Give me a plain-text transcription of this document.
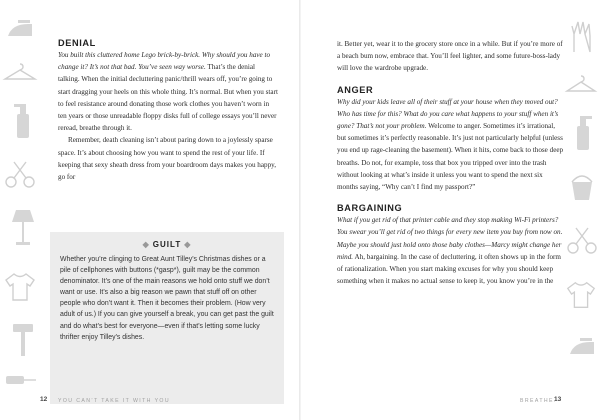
DENIAL

You built this cluttered home Lego brick-by-brick. Why should you have to change it? It’s not that bad. You’ve seen way worse. That’s the denial talking. When the initial decluttering panic/thrill wears off, you’re going to start dragging your heels on this whole thing. It’s normal. But when you start to feel resistance around donating those work clothes you haven’t worn in ten years or those unreadable floppy disks full of college essays you’ll never reread, breathe through it.

Remember, death cleaning isn’t about paring down to a joylessly sparse space. It’s about choosing how you want to spend the rest of your life. If keeping that sexy sheath dress from your boardroom days makes you happy, go for

◆ GUILT ◆
Whether you’re clinging to Great Aunt Tilley’s Christmas dishes or a pile of cellphones with buttons (*gasp*), guilt may be the common denominator. It’s one of the main reasons we hold onto stuff we don’t want or use. It’s also a big reason we pawn that stuff off on other people who don’t want it. Then it becomes their problem. (How very adult of us.) If you can give yourself a break, you can get past the guilt and do what’s best for everyone—even if that’s letting some lucky thrifter enjoy Tilley’s dishes.
12 YOU CAN’T TAKE IT WITH YOU

it. Better yet, wear it to the grocery store once in a while. But if you’re more of a beach bum now, embrace that. You’ll feel lighter, and some future-boss-lady will love the wardrobe upgrade.

ANGER

Why did your kids leave all of their stuff at your house when they moved out? Who has time for this? What do you care what happens to your stuff when it’s gone? That’s not your problem. Welcome to anger. Sometimes it’s irrational, but sometimes it’s perfectly reasonable. It’s just not particularly helpful (unless you end up rage-cleaning the basement). When it hits, come back to those deep breaths. Do not, for example, toss that box you tripped over into the trash without looking at what’s inside it unless you want to spend the next six months saying, “Why can’t I find my passport?”

BARGAINING

What if you get rid of that printer cable and they stop making Wi-Fi printers? You swear you’ll get rid of two things for every new item you buy from now on. Maybe you should just hold onto those baby clothes—Marcy might change her mind. Ah, bargaining. In the case of decluttering, it often shows up in the form of rationalization. When you start making excuses for why you should keep something when it makes no actual sense to keep it, you know you’re in the

BREATHE.
13
